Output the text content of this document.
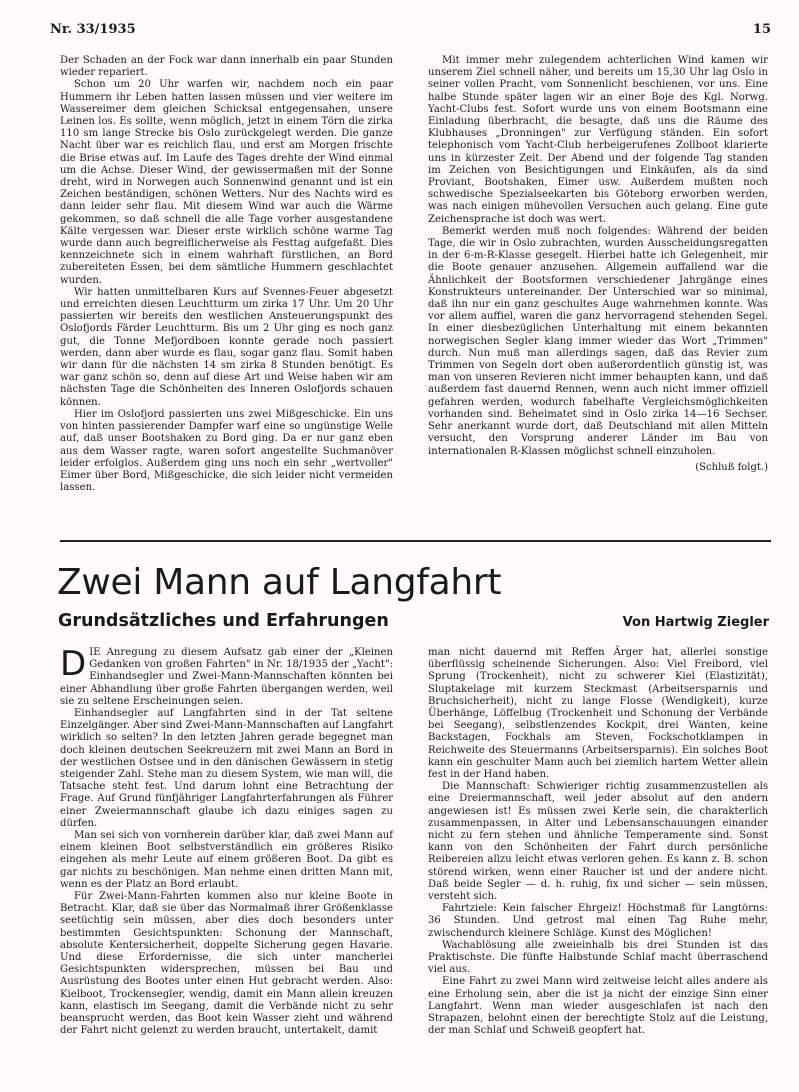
Nr. 33/1935	15

Der Schaden an der Fock war dann innerhalb ein paar Stunden wieder repariert.

Schon um 20 Uhr warfen wir, nachdem noch ein paar Hummern ihr Leben hatten lassen müssen und vier weitere im Wassereimer dem gleichen Schicksal entgegensahen, unsere Leinen los. Es sollte, wenn möglich, jetzt in einem Törn die zirka 110 sm lange Strecke bis Oslo zurückgelegt werden. Die ganze Nacht über war es reichlich flau, und erst am Morgen frischte die Brise etwas auf. Im Laufe des Tages drehte der Wind einmal um die Achse. Dieser Wind, der gewissermaßen mit der Sonne dreht, wird in Norwegen auch Sonnenwind genannt und ist ein Zeichen beständigen, schönen Wetters. Nur des Nachts wird es dann leider sehr flau. Mit diesem Wind war auch die Wärme gekommen, so daß schnell die alle Tage vorher ausgestandene Kälte vergessen war. Dieser erste wirklich schöne warme Tag wurde dann auch begreiflicherweise als Festtag aufgefaßt. Dies kennzeichnete sich in einem wahrhaft fürstlichen, an Bord zubereiteten Essen, bei dem sämtliche Hummern geschlachtet wurden.

Wir hatten unmittelbaren Kurs auf Svennes-Feuer abgesetzt und erreichten diesen Leuchtturm um zirka 17 Uhr. Um 20 Uhr passierten wir bereits den westlichen Ansteuerungspunkt des Oslofjords Färder Leuchtturm. Bis um 2 Uhr ging es noch ganz gut, die Tonne Mefjordboen konnte gerade noch passiert werden, dann aber wurde es flau, sogar ganz flau. Somit haben wir dann für die nächsten 14 sm zirka 8 Stunden benötigt. Es war ganz schön so, denn auf diese Art und Weise haben wir am nächsten Tage die Schönheiten des Inneren Oslofjords schauen können.

Hier im Oslofjord passierten uns zwei Mißgeschicke. Ein uns von hinten passierender Dampfer warf eine so ungünstige Welle auf, daß unser Bootshaken zu Bord ging. Da er nur ganz eben aus dem Wasser ragte, waren sofort angestellte Suchmanöver leider erfolglos. Außerdem ging uns noch ein sehr „wertvoller" Eimer über Bord, Mißgeschicke, die sich leider nicht vermeiden lassen.

Mit immer mehr zulegendem achterlichen Wind kamen wir unserem Ziel schnell näher, und bereits um 15,30 Uhr lag Oslo in seiner vollen Pracht, vom Sonnenlicht beschienen, vor uns. Eine halbe Stunde später lagen wir an einer Boje des Kgl. Norwg. Yacht-Clubs fest. Sofort wurde uns von einem Bootsmann eine Einladung überbracht, die besagte, daß uns die Räume des Klubhauses „Dronningen" zur Verfügung ständen. Ein sofort telephonisch vom Yacht-Club herbeigerufenes Zollboot klarierte uns in kürzester Zeit. Der Abend und der folgende Tag standen im Zeichen von Besichtigungen und Einkäufen, als da sind Proviant, Bootshaken, Eimer usw. Außerdem mußten noch schwedische Spezialseekarten bis Göteborg erworben werden, was nach einigen mühevollen Versuchen auch gelang. Eine gute Zeichensprache ist doch was wert.

Bemerkt werden muß noch folgendes: Während der beiden Tage, die wir in Oslo zubrachten, wurden Ausscheidungsregatten in der 6-m-R-Klasse gesegelt. Hierbei hatte ich Gelegenheit, mir die Boote genauer anzusehen. Allgemein auffallend war die Ähnlichkeit der Bootsformen verschiedener Jahrgänge eines Konstrukteurs untereinander. Der Unterschied war so minimal, daß ihn nur ein ganz geschultes Auge wahrnehmen konnte. Was vor allem auffiel, waren die ganz hervorragend stehenden Segel. In einer diesbezüglichen Unterhaltung mit einem bekannten norwegischen Segler klang immer wieder das Wort „Trimmen" durch. Nun muß man allerdings sagen, daß das Revier zum Trimmen von Segeln dort oben außerordentlich günstig ist, was man von unseren Revieren nicht immer behaupten kann, und daß außerdem fast dauernd Rennen, wenn auch nicht immer offiziell gefahren werden, wodurch fabelhafte Vergleichsmöglichkeiten vorhanden sind. Beheimatet sind in Oslo zirka 14—16 Sechser. Sehr anerkannt wurde dort, daß Deutschland mit allen Mitteln versucht, den Vorsprung anderer Länder im Bau von internationalen R-Klassen möglichst schnell einzuholen.

(Schluß folgt.)
Zwei Mann auf Langfahrt
Grundsätzliches und Erfahrungen	Von Hartwig Ziegler

DIE Anregung zu diesem Aufsatz gab einer der „Kleinen Gedanken von großen Fahrten" in Nr. 18/1935 der „Yacht": Einhandsegler und Zwei-Mann-Mannschaften könnten bei einer Abhandlung über große Fahrten übergangen werden, weil sie zu seltene Erscheinungen seien.

Einhandsegler auf Langfahrten sind in der Tat seltene Einzelgänger. Aber sind Zwei-Mann-Mannschaften auf Langfahrt wirklich so selten? In den letzten Jahren gerade begegnet man doch kleinen deutschen Seekreuzern mit zwei Mann an Bord in der westlichen Ostsee und in den dänischen Gewässern in stetig steigender Zahl. Stehe man zu diesem System, wie man will, die Tatsache steht fest. Und darum lohnt eine Betrachtung der Frage. Auf Grund fünfjähriger Langfahrterfahrungen als Führer einer Zweiermannschaft glaube ich dazu einiges sagen zu dürfen.

Man sei sich von vornherein darüber klar, daß zwei Mann auf einem kleinen Boot selbstverständlich ein größeres Risiko eingehen als mehr Leute auf einem größeren Boot. Da gibt es gar nichts zu beschönigen. Man nehme einen dritten Mann mit, wenn es der Platz an Bord erlaubt.

Für Zwei-Mann-Fahrten kommen also nur kleine Boote in Betracht. Klar, daß sie über das Normalmaß ihrer Größenklasse seetüchtig sein müssen, aber dies doch besonders unter bestimmten Gesichtspunkten: Schonung der Mannschaft, absolute Kentersicherheit, doppelte Sicherung gegen Havarie. Und diese Erfordernisse, die sich unter mancherlei Gesichtspunkten widersprechen, müssen bei Bau und Ausrüstung des Bootes unter einen Hut gebracht werden. Also: Kielboot, Trockensegler, wendig, damit ein Mann allein kreuzen kann, elastisch im Seegang, damit die Verbände nicht zu sehr beansprucht werden, das Boot kein Wasser zieht und während der Fahrt nicht gelenzt zu werden braucht, untertakelt, damit

man nicht dauernd mit Reffen Ärger hat, allerlei sonstige überflüssig scheinende Sicherungen. Also: Viel Freibord, viel Sprung (Trockenheit), nicht zu schwerer Kiel (Elastizität), Sluptakelage mit kurzem Steckmast (Arbeitsersparnis und Bruchsicherheit), nicht zu lange Flosse (Wendigkeit), kurze Überhänge, Löffelbug (Trockenheit und Schonung der Verbände bei Seegang), selbstlenzendes Kockpit, drei Wanten, keine Backstagen, Fockhals am Steven, Fockschotklampen in Reichweite des Steuermanns (Arbeitsersparnis). Ein solches Boot kann ein geschulter Mann auch bei ziemlich hartem Wetter allein fest in der Hand haben.

Die Mannschaft: Schwieriger richtig zusammenzustellen als eine Dreiermannschaft, weil jeder absolut auf den andern angewiesen ist! Es müssen zwei Kerle sein, die charakterlich zusammenpassen, in Alter und Lebensanschauungen einander nicht zu fern stehen und ähnliche Temperamente sind. Sonst kann von den Schönheiten der Fahrt durch persönliche Reibereien allzu leicht etwas verloren gehen. Es kann z. B. schon störend wirken, wenn einer Raucher ist und der andere nicht. Daß beide Segler — d. h. ruhig, fix und sicher — sein müssen, versteht sich.

Fahrtziele: Kein falscher Ehrgeiz! Höchstmaß für Langtörns: 36 Stunden. Und getrost mal einen Tag Ruhe mehr, zwischendurch kleinere Schläge. Kunst des Möglichen!

Wachablösung alle zweieinhalb bis drei Stunden ist das Praktischste. Die fünfte Halbstunde Schlaf macht überraschend viel aus.

Eine Fahrt zu zwei Mann wird zeitweise leicht alles andere als eine Erholung sein, aber die ist ja nicht der einzige Sinn einer Langfahrt. Wenn man wieder ausgeschlafen ist nach den Strapazen, belohnt einen der berechtigte Stolz auf die Leistung, der man Schlaf und Schweiß geopfert hat.
